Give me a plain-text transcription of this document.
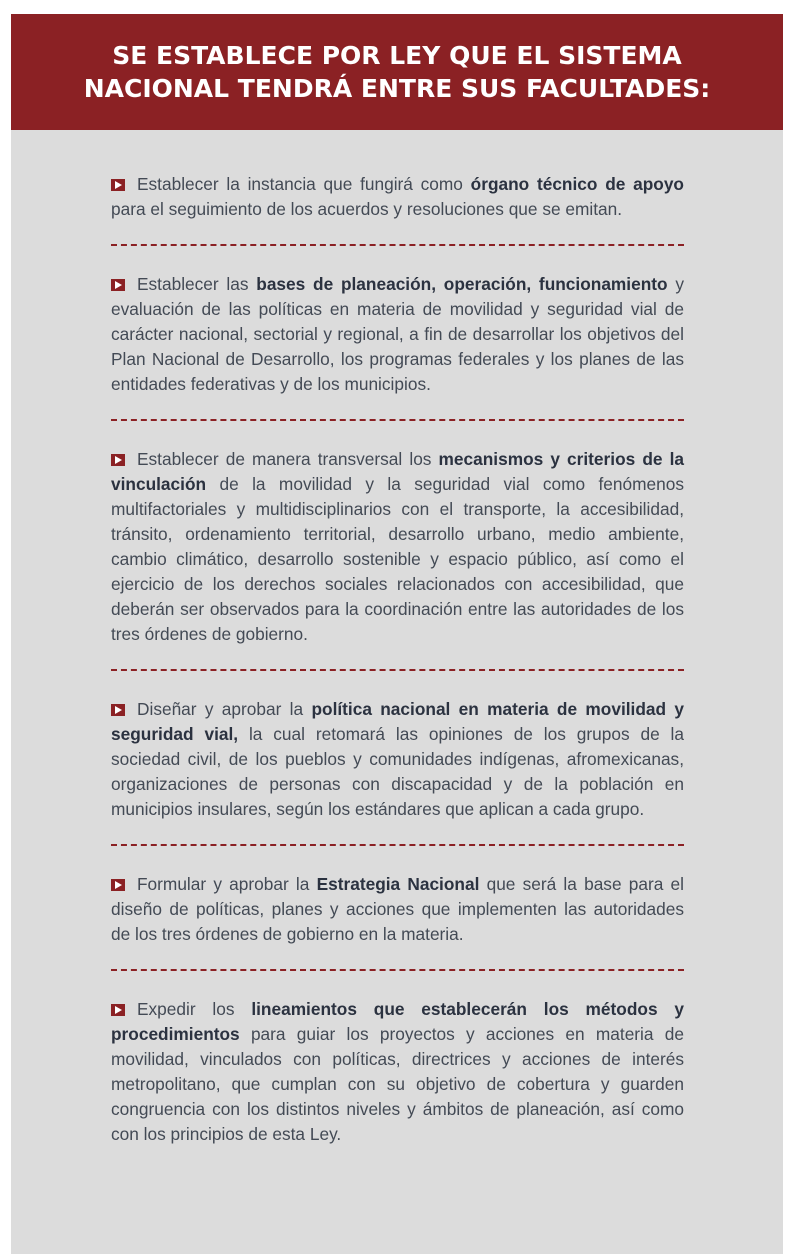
SE ESTABLECE POR LEY QUE EL SISTEMA NACIONAL TENDRÁ ENTRE SUS FACULTADES:
Establecer la instancia que fungirá como órgano técnico de apoyo para el seguimiento de los acuerdos y resoluciones que se emitan.
Establecer las bases de planeación, operación, funcionamiento y evaluación de las políticas en materia de movilidad y seguridad vial de carácter nacional, sectorial y regional, a fin de desarrollar los objetivos del Plan Nacional de Desarrollo, los programas federales y los planes de las entidades federativas y de los municipios.
Establecer de manera transversal los mecanismos y criterios de la vinculación de la movilidad y la seguridad vial como fenómenos multifactoriales y multidisciplinarios con el transporte, la accesibilidad, tránsito, ordenamiento territorial, desarrollo urbano, medio ambiente, cambio climático, desarrollo sostenible y espacio público, así como el ejercicio de los derechos sociales relacionados con accesibilidad, que deberán ser observados para la coordinación entre las autoridades de los tres órdenes de gobierno.
Diseñar y aprobar la política nacional en materia de movilidad y seguridad vial, la cual retomará las opiniones de los grupos de la sociedad civil, de los pueblos y comunidades indígenas, afromexicanas, organizaciones de personas con discapacidad y de la población en municipios insulares, según los estándares que aplican a cada grupo.
Formular y aprobar la Estrategia Nacional que será la base para el diseño de políticas, planes y acciones que implementen las autoridades de los tres órdenes de gobierno en la materia.
Expedir los lineamientos que establecerán los métodos y procedimientos para guiar los proyectos y acciones en materia de movilidad, vinculados con políticas, directrices y acciones de interés metropolitano, que cumplan con su objetivo de cobertura y guarden congruencia con los distintos niveles y ámbitos de planeación, así como con los principios de esta Ley.
